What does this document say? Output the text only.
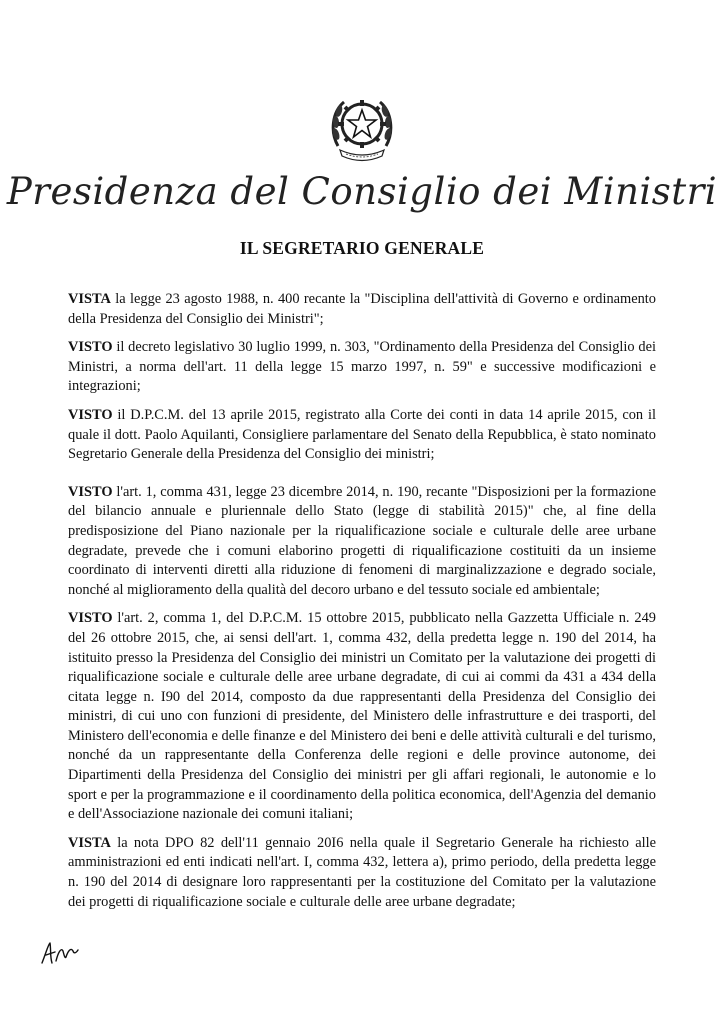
Presidenza del Consiglio dei Ministri
IL SEGRETARIO GENERALE

VISTA la legge 23 agosto 1988, n. 400 recante la "Disciplina dell'attività di Governo e ordinamento della Presidenza del Consiglio dei Ministri";

VISTO il decreto legislativo 30 luglio 1999, n. 303, "Ordinamento della Presidenza del Consiglio dei Ministri, a norma dell'art. 11 della legge 15 marzo 1997, n. 59" e successive modificazioni e integrazioni;

VISTO il D.P.C.M. del 13 aprile 2015, registrato alla Corte dei conti in data 14 aprile 2015, con il quale il dott. Paolo Aquilanti, Consigliere parlamentare del Senato della Repubblica, è stato nominato Segretario Generale della Presidenza del Consiglio dei ministri;

VISTO l'art. 1, comma 431, legge 23 dicembre 2014, n. 190, recante "Disposizioni per la formazione del bilancio annuale e pluriennale dello Stato (legge di stabilità 2015)" che, al fine della predisposizione del Piano nazionale per la riqualificazione sociale e culturale delle aree urbane degradate, prevede che i comuni elaborino progetti di riqualificazione costituiti da un insieme coordinato di interventi diretti alla riduzione di fenomeni di marginalizzazione e degrado sociale, nonché al miglioramento della qualità del decoro urbano e del tessuto sociale ed ambientale;

VISTO l'art. 2, comma 1, del D.P.C.M. 15 ottobre 2015, pubblicato nella Gazzetta Ufficiale n. 249 del 26 ottobre 2015, che, ai sensi dell'art. 1, comma 432, della predetta legge n. 190 del 2014, ha istituito presso la Presidenza del Consiglio dei ministri un Comitato per la valutazione dei progetti di riqualificazione sociale e culturale delle aree urbane degradate, di cui ai commi da 431 a 434 della citata legge n. I90 del 2014, composto da due rappresentanti della Presidenza del Consiglio dei ministri, di cui uno con funzioni di presidente, del Ministero delle infrastrutture e dei trasporti, del Ministero dell'economia e delle finanze e del Ministero dei beni e delle attività culturali e del turismo, nonché da un rappresentante della Conferenza delle regioni e delle province autonome, dei Dipartimenti della Presidenza del Consiglio dei ministri per gli affari regionali, le autonomie e lo sport e per la programmazione e il coordinamento della politica economica, dell'Agenzia del demanio e dell'Associazione nazionale dei comuni italiani;

VISTA la nota DPO 82 dell'11 gennaio 20I6 nella quale il Segretario Generale ha richiesto alle amministrazioni ed enti indicati nell'art. I, comma 432, lettera a), primo periodo, della predetta legge n. 190 del 2014 di designare loro rappresentanti per la costituzione del Comitato per la valutazione dei progetti di riqualificazione sociale e culturale delle aree urbane degradate;
